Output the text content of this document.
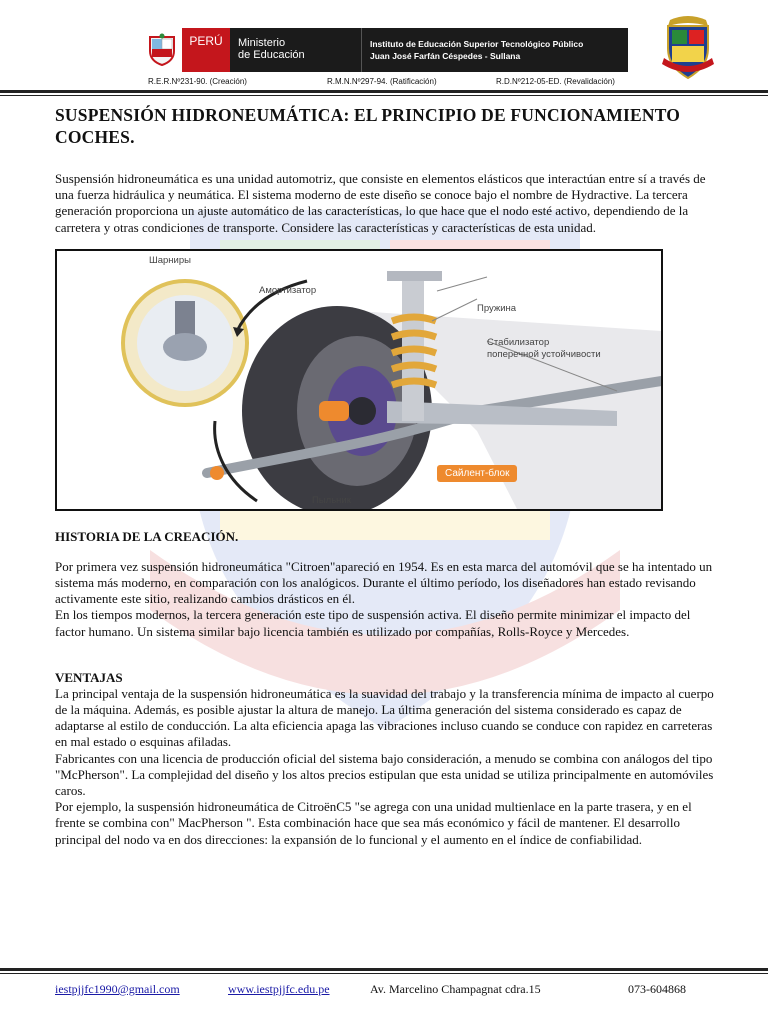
PERÚ	Ministerio
de Educación
Instituto de Educación Superior Tecnológico Público
Juan José Farfán Céspedes - Sullana
R.E.R.Nº231-90. (Creación)	R.M.N.Nº297-94. (Ratificación)	R.D.Nº212-05-ED. (Revalidación)
SUSPENSIÓN HIDRONEUMÁTICA: EL PRINCIPIO DE FUNCIONAMIENTO COCHES.

Suspensión hidroneumática es una unidad automotriz, que consiste en elementos elásticos que interactúan entre sí a través de una fuerza hidráulica y neumática. El sistema moderno de este diseño se conoce bajo el nombre de Hydractive. La tercera generación proporciona un ajuste automático de las características, lo que hace que el nodo esté activo, dependiendo de la carretera y otras condiciones de transporte. Considere las características y características de esta unidad.

Шарниры
Амортизатор
Пружина
Стабилизатор
поперечной устойчивости
Пыльник
Сайлент-блок
HISTORIA DE LA CREACIÓN.

Por primera vez suspensión hidroneumática "Citroen"apareció en 1954. Es en esta marca del automóvil que se ha intentado un sistema más moderno, en comparación con los analógicos. Durante el último período, los diseñadores han estado revisando activamente este sitio, realizando cambios drásticos en él.

En los tiempos modernos, la tercera generación este tipo de suspensión activa. El diseño permite minimizar el impacto del factor humano. Un sistema similar bajo licencia también es utilizado por compañías, Rolls-Royce y Mercedes.

VENTAJAS

La principal ventaja de la suspensión hidroneumática es la suavidad del trabajo y la transferencia mínima de impacto al cuerpo de la máquina. Además, es posible ajustar la altura de manejo. La última generación del sistema considerado es capaz de adaptarse al estilo de conducción. La alta eficiencia apaga las vibraciones incluso cuando se conduce con rapidez en carreteras en mal estado o esquinas afiladas.

Fabricantes con una licencia de producción oficial del sistema bajo consideración, a menudo se combina con análogos del tipo "McPherson". La complejidad del diseño y los altos precios estipulan que esta unidad se utiliza principalmente en automóviles caros.

Por ejemplo, la suspensión hidroneumática de CitroënC5 "se agrega con una unidad multienlace en la parte trasera, y en el frente se combina con" MacPherson ". Esta combinación hace que sea más económico y fácil de mantener. El desarrollo principal del nodo va en dos direcciones: la expansión de lo funcional y el aumento en el índice de confiabilidad.

iestpjjfc1990@gmail.com	www.iestpjjfc.edu.pe	Av. Marcelino Champagnat cdra.15	073-604868
